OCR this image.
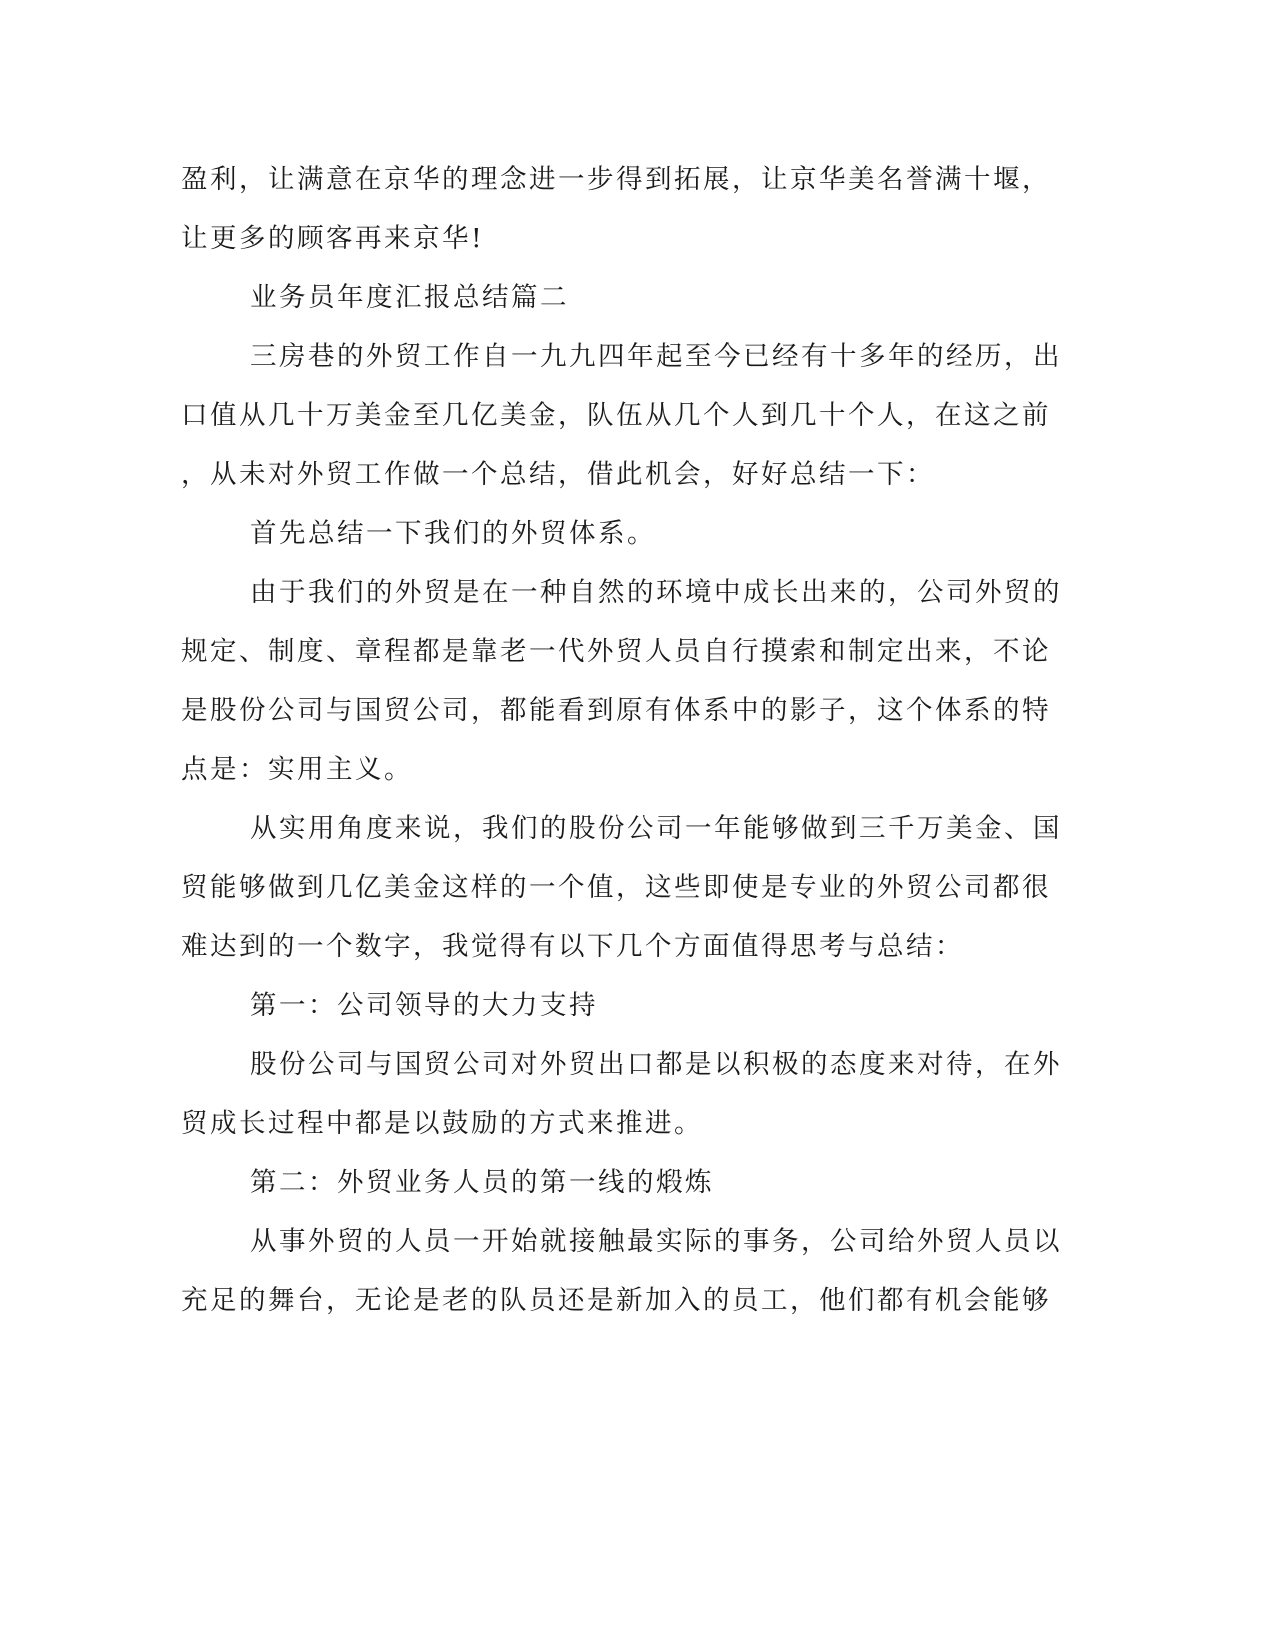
盈利，让满意在京华的理念进一步得到拓展，让京华美名誉满十堰，
让更多的顾客再来京华!
业务员年度汇报总结篇二
三房巷的外贸工作自一九九四年起至今已经有十多年的经历，出
口值从几十万美金至几亿美金，队伍从几个人到几十个人，在这之前
，从未对外贸工作做一个总结，借此机会，好好总结一下：
首先总结一下我们的外贸体系。
由于我们的外贸是在一种自然的环境中成长出来的，公司外贸的
规定、制度、章程都是靠老一代外贸人员自行摸索和制定出来，不论
是股份公司与国贸公司，都能看到原有体系中的影子，这个体系的特
点是：实用主义。
从实用角度来说，我们的股份公司一年能够做到三千万美金、国
贸能够做到几亿美金这样的一个值，这些即使是专业的外贸公司都很
难达到的一个数字，我觉得有以下几个方面值得思考与总结：
第一：公司领导的大力支持
股份公司与国贸公司对外贸出口都是以积极的态度来对待，在外
贸成长过程中都是以鼓励的方式来推进。
第二：外贸业务人员的第一线的煅炼
从事外贸的人员一开始就接触最实际的事务，公司给外贸人员以
充足的舞台，无论是老的队员还是新加入的员工，他们都有机会能够
